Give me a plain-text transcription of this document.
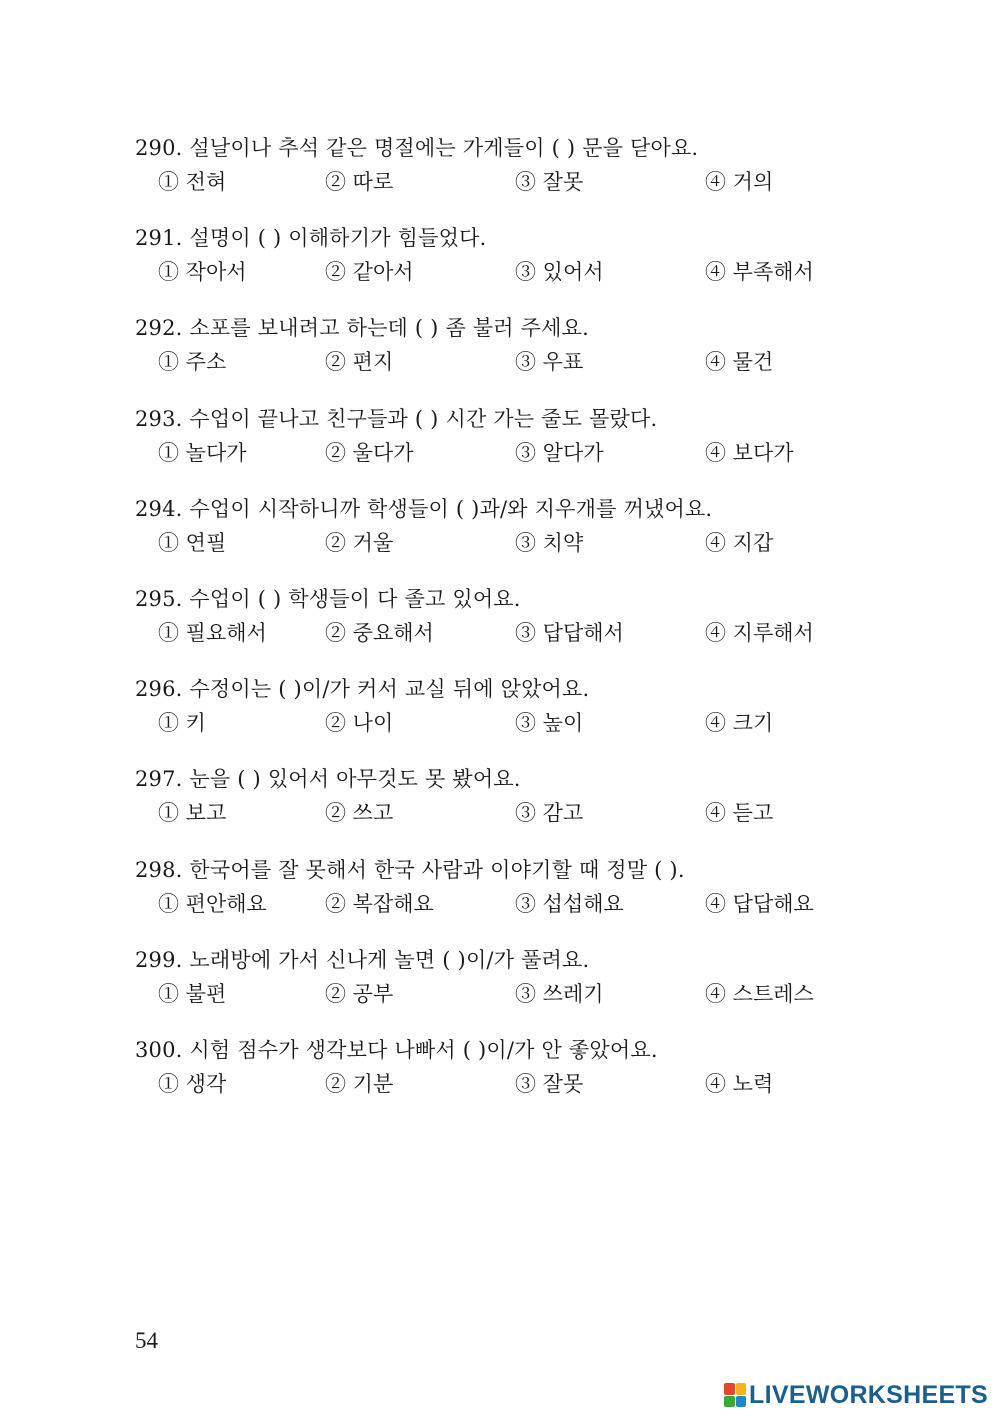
290. 설날이나 추석 같은 명절에는 가게들이 ( ) 문을 닫아요.
① 전혀	② 따로	③ 잘못	④ 거의
291. 설명이 ( ) 이해하기가 힘들었다.
① 작아서	② 같아서	③ 있어서	④ 부족해서
292. 소포를 보내려고 하는데 ( ) 좀 불러 주세요.
① 주소	② 편지	③ 우표	④ 물건
293. 수업이 끝나고 친구들과 ( ) 시간 가는 줄도 몰랐다.
① 놀다가	② 울다가	③ 알다가	④ 보다가
294. 수업이 시작하니까 학생들이 ( )과/와 지우개를 꺼냈어요.
① 연필	② 거울	③ 치약	④ 지갑
295. 수업이 ( ) 학생들이 다 졸고 있어요.
① 필요해서	② 중요해서	③ 답답해서	④ 지루해서
296. 수정이는 ( )이/가 커서 교실 뒤에 앉았어요.
① 키	② 나이	③ 높이	④ 크기
297. 눈을 ( ) 있어서 아무것도 못 봤어요.
① 보고	② 쓰고	③ 감고	④ 듣고
298. 한국어를 잘 못해서 한국 사람과 이야기할 때 정말 ( ).
① 편안해요	② 복잡해요	③ 섭섭해요	④ 답답해요
299. 노래방에 가서 신나게 놀면 ( )이/가 풀려요.
① 불편	② 공부	③ 쓰레기	④ 스트레스
300. 시험 점수가 생각보다 나빠서 ( )이/가 안 좋았어요.
① 생각	② 기분	③ 잘못	④ 노력
54
LIVEWORKSHEETS
